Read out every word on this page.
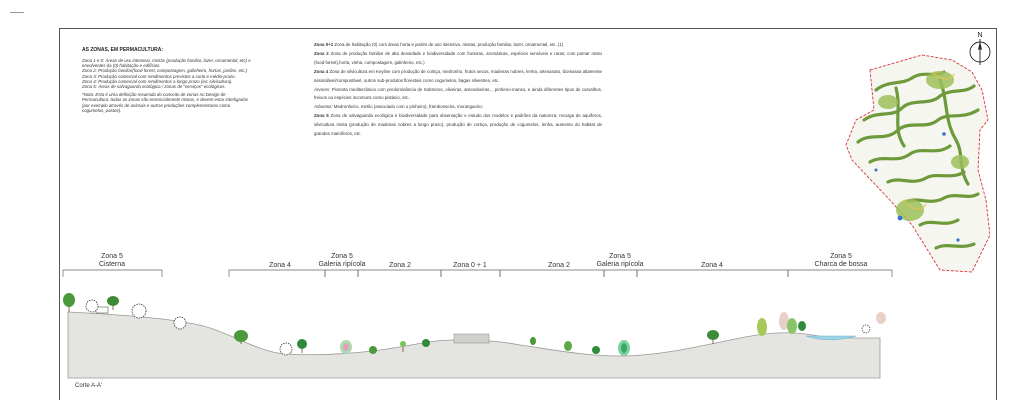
AS ZONAS, EM PERMACULTURA:
Zona 1 e 0: Áreas de uso intensivo, mistas (produção familiar, lazer, ornamental, etc) e
envolventes da (0) habitação e edifícios.
Zona 2: Produção familiar(food-forest, compostagem, galinheiro, hortas, jardins, etc.)
Zona 3: Produção comercial com rendimentos previstos a curto e médio-prazo.
Zona 4: Produção comercial com rendimentos a longo prazo (ex: silvicultura).
Zona 5: Áreas de salvaguarda ecológica / zonas de "serviços" ecológicos.
*Nota: Esta é uma definição resumida do conceito de zonas no Design de
Permacultura: todas as zonas são essencialmente mistas, e devem estar interligadas
(por exemplo através de animais e outras produções complementares como
cogumelos, pastos).

Zona 0+1 Zona de habitação (0) com áreas horta e jardim de uso intensivo, mistas, produção familiar, lazer, ornamental, etc. (1)

Zona 2 Zona de produção familiar de alta densidade e biodiversidade com fruteiras, aromáticas, espécies sensíveis e raras; com pomar misto (food-forest),horta, vinha, compostagem, galinheiro, etc.)

Zona 4 Zona de silvicultura em Keyline com produção de cortiça, medronho, frutos secos, madeiras nobres, lenha, artesanato, biomassa altamente assimilável/compostável, outros sub-produtos florestais como cogumelos, bagas silvestres, etc.

Árvores: Floresta mediterrânica com predominância de Sobreiros, oliveiras, amendoeiras, , pinheiro-manso, e ainda diferentes tipos de carvalhos, freixos ou espécies incomuns como pistácio, etc..

Arbustos: Medronheiro, mirtilo (associado com o pinheiro), framboeseira, morangueiro;

Zona 5 Zona de salvaguarda ecológica e biodiversidade para observação e estudo dos modelos e padrões da natureza; recarga de aquíferos, silvicultura mista (produção de madeiras nobres a longo prazo), produção de cortiça, produção de cogumelos, lenha, aumento do habitat de grandes mamíferos, etc.

N
Zona 5
Cisterna	Zona 4
Zona 5
Galeria ripícola	Zona 2	Zona 0 + 1	Zona 2
Zona 5
Galeria ripícola	Zona 4
Zona 5
Charca de bossa
Corte A-A'
